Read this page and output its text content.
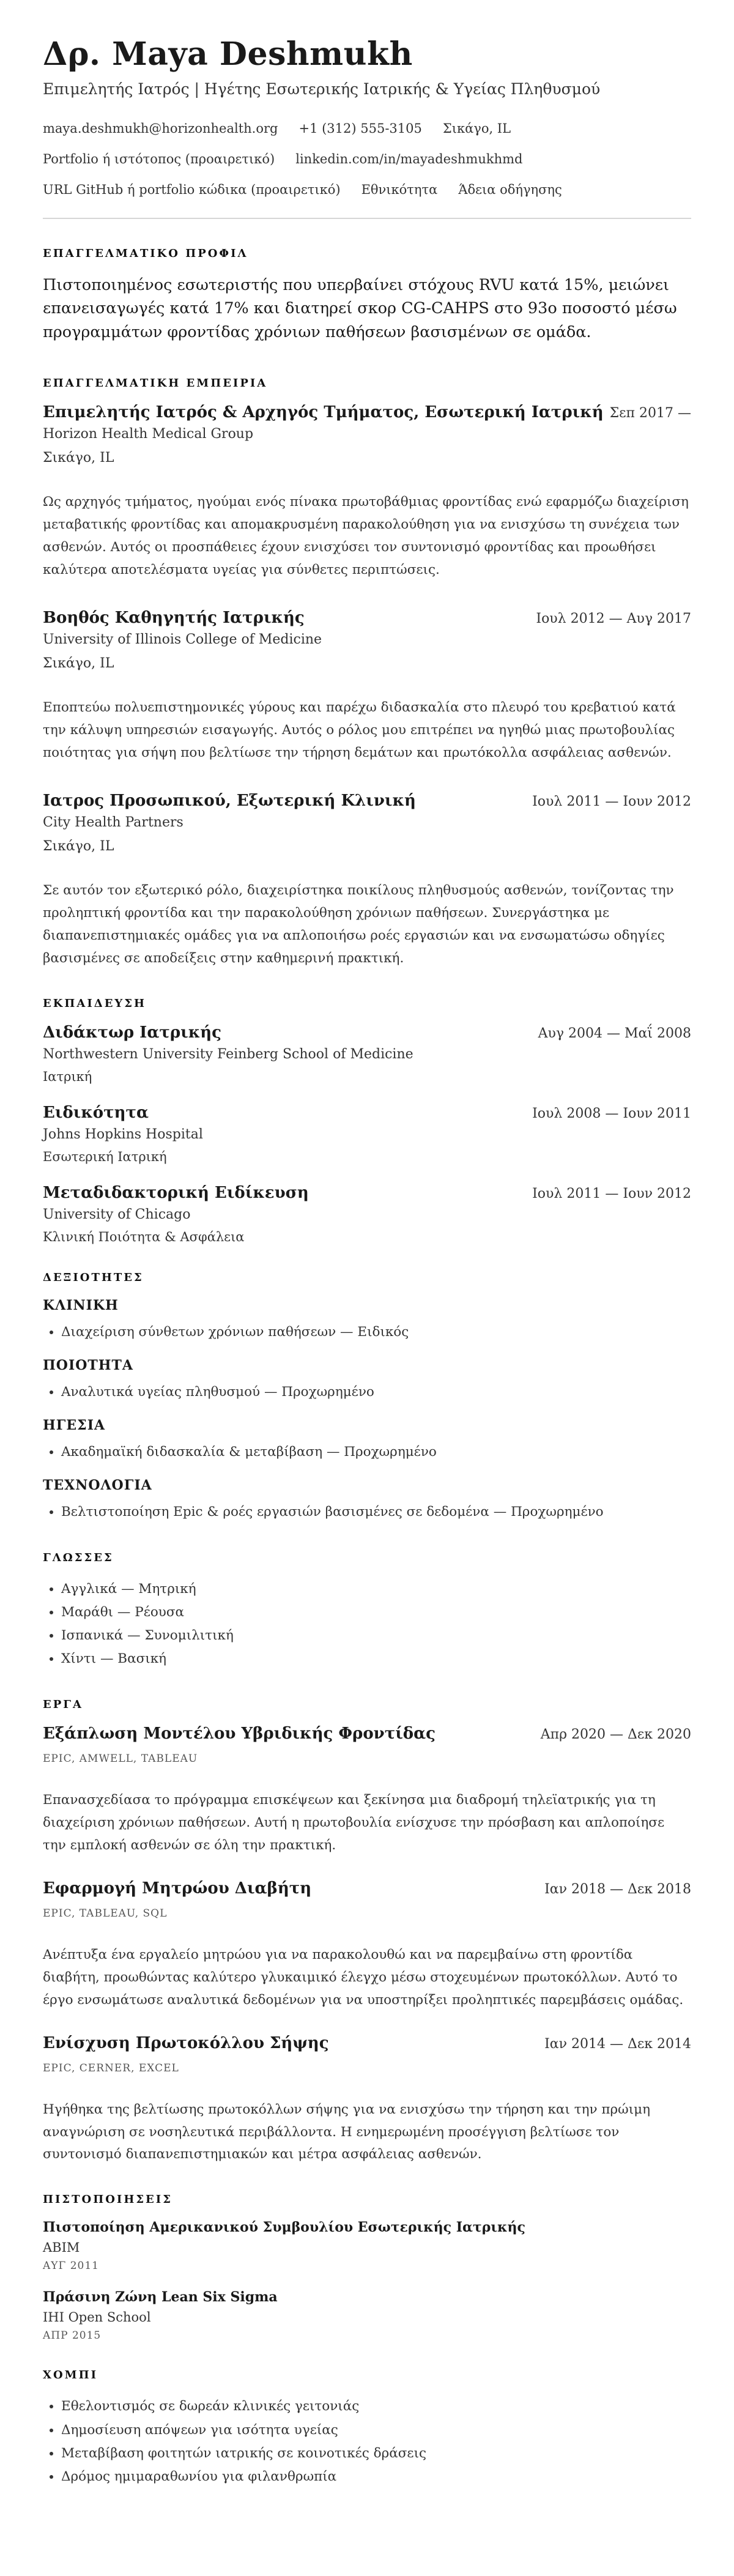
Δρ. Maya Deshmukh
Επιμελητής Ιατρός | Ηγέτης Εσωτερικής Ιατρικής & Υγείας Πληθυσμού
maya.deshmukh@horizonhealth.org +1 (312) 555-3105 Σικάγο, IL
Portfolio ή ιστότοπος (προαιρετικό) linkedin.com/in/mayadeshmukhmd
URL GitHub ή portfolio κώδικα (προαιρετικό) Εθνικότητα Άδεια οδήγησης
ΕΠΑΓΓΕΛΜΑΤΙΚΟ ΠΡΟΦΙΛ
Πιστοποιημένος εσωτεριστής που υπερβαίνει στόχους RVU κατά 15%, μειώνει επανεισαγωγές κατά 17% και διατηρεί σκορ CG-CAHPS στο 93ο ποσοστό μέσω προγραμμάτων φροντίδας χρόνιων παθήσεων βασισμένων σε ομάδα.
ΕΠΑΓΓΕΛΜΑΤΙΚΗ ΕΜΠΕΙΡΙΑ
Επιμελητής Ιατρός & Αρχηγός Τμήματος, Εσωτερική Ιατρική Σεπ 2017 —
Horizon Health Medical Group
Σικάγο, IL
Ως αρχηγός τμήματος, ηγούμαι ενός πίνακα πρωτοβάθμιας φροντίδας ενώ εφαρμόζω διαχείριση μεταβατικής φροντίδας και απομακρυσμένη παρακολούθηση για να ενισχύσω τη συνέχεια των ασθενών. Αυτός οι προσπάθειες έχουν ενισχύσει τον συντονισμό φροντίδας και προωθήσει καλύτερα αποτελέσματα υγείας για σύνθετες περιπτώσεις.
Βοηθός Καθηγητής Ιατρικής	Ιουλ 2012 — Αυγ 2017
University of Illinois College of Medicine
Σικάγο, IL
Εποπτεύω πολυεπιστημονικές γύρους και παρέχω διδασκαλία στο πλευρό του κρεβατιού κατά την κάλυψη υπηρεσιών εισαγωγής. Αυτός ο ρόλος μου επιτρέπει να ηγηθώ μιας πρωτοβουλίας ποιότητας για σήψη που βελτίωσε την τήρηση δεμάτων και πρωτόκολλα ασφάλειας ασθενών.
Ιατρος Προσωπικού, Εξωτερική Κλινική	Ιουλ 2011 — Ιουν 2012
City Health Partners
Σικάγο, IL
Σε αυτόν τον εξωτερικό ρόλο, διαχειρίστηκα ποικίλους πληθυσμούς ασθενών, τονίζοντας την προληπτική φροντίδα και την παρακολούθηση χρόνιων παθήσεων. Συνεργάστηκα με διαπανεπιστημιακές ομάδες για να απλοποιήσω ροές εργασιών και να ενσωματώσω οδηγίες βασισμένες σε αποδείξεις στην καθημερινή πρακτική.
ΕΚΠΑΙΔΕΥΣΗ
Διδάκτωρ Ιατρικής	Αυγ 2004 — Μαΐ 2008
Northwestern University Feinberg School of Medicine
Ιατρική
Ειδικότητα	Ιουλ 2008 — Ιουν 2011
Johns Hopkins Hospital
Εσωτερική Ιατρική
Μεταδιδακτορική Ειδίκευση	Ιουλ 2011 — Ιουν 2012
University of Chicago
Κλινική Ποιότητα & Ασφάλεια
ΔΕΞΙΟΤΗΤΕΣ
ΚΛΙΝΙΚΗ
• Διαχείριση σύνθετων χρόνιων παθήσεων — Ειδικός
ΠΟΙΟΤΗΤΑ
• Αναλυτικά υγείας πληθυσμού — Προχωρημένο
ΗΓΕΣΙΑ
• Ακαδημαϊκή διδασκαλία & μεταβίβαση — Προχωρημένο
ΤΕΧΝΟΛΟΓΙΑ
• Βελτιστοποίηση Epic & ροές εργασιών βασισμένες σε δεδομένα — Προχωρημένο
ΓΛΩΣΣΕΣ
• Αγγλικά — Μητρική
• Μαράθι — Ρέουσα
• Ισπανικά — Συνομιλιτική
• Χίντι — Βασική
ΕΡΓΑ
Εξάπλωση Μοντέλου Υβριδικής Φροντίδας	Απρ 2020 — Δεκ 2020
EPIC, AMWELL, TABLEAU
Επανασχεδίασα το πρόγραμμα επισκέψεων και ξεκίνησα μια διαδρομή τηλεϊατρικής για τη διαχείριση χρόνιων παθήσεων. Αυτή η πρωτοβουλία ενίσχυσε την πρόσβαση και απλοποίησε την εμπλοκή ασθενών σε όλη την πρακτική.
Εφαρμογή Μητρώου Διαβήτη	Ιαν 2018 — Δεκ 2018
EPIC, TABLEAU, SQL
Ανέπτυξα ένα εργαλείο μητρώου για να παρακολουθώ και να παρεμβαίνω στη φροντίδα διαβήτη, προωθώντας καλύτερο γλυκαιμικό έλεγχο μέσω στοχευμένων πρωτοκόλλων. Αυτό το έργο ενσωμάτωσε αναλυτικά δεδομένων για να υποστηρίξει προληπτικές παρεμβάσεις ομάδας.
Ενίσχυση Πρωτοκόλλου Σήψης	Ιαν 2014 — Δεκ 2014
EPIC, CERNER, EXCEL
Ηγήθηκα της βελτίωσης πρωτοκόλλων σήψης για να ενισχύσω την τήρηση και την πρώιμη αναγνώριση σε νοσηλευτικά περιβάλλοντα. Η ενημερωμένη προσέγγιση βελτίωσε τον συντονισμό διαπανεπιστημιακών και μέτρα ασφάλειας ασθενών.
ΠΙΣΤΟΠΟΙΗΣΕΙΣ
Πιστοποίηση Αμερικανικού Συμβουλίου Εσωτερικής Ιατρικής
ABIM
ΑΥΓ 2011
Πράσινη Ζώνη Lean Six Sigma
IHI Open School
ΑΠΡ 2015
ΧΟΜΠΙ
• Εθελοντισμός σε δωρεάν κλινικές γειτονιάς
• Δημοσίευση απόψεων για ισότητα υγείας
• Μεταβίβαση φοιτητών ιατρικής σε κοινοτικές δράσεις
• Δρόμος ημιμαραθωνίου για φιλανθρωπία
